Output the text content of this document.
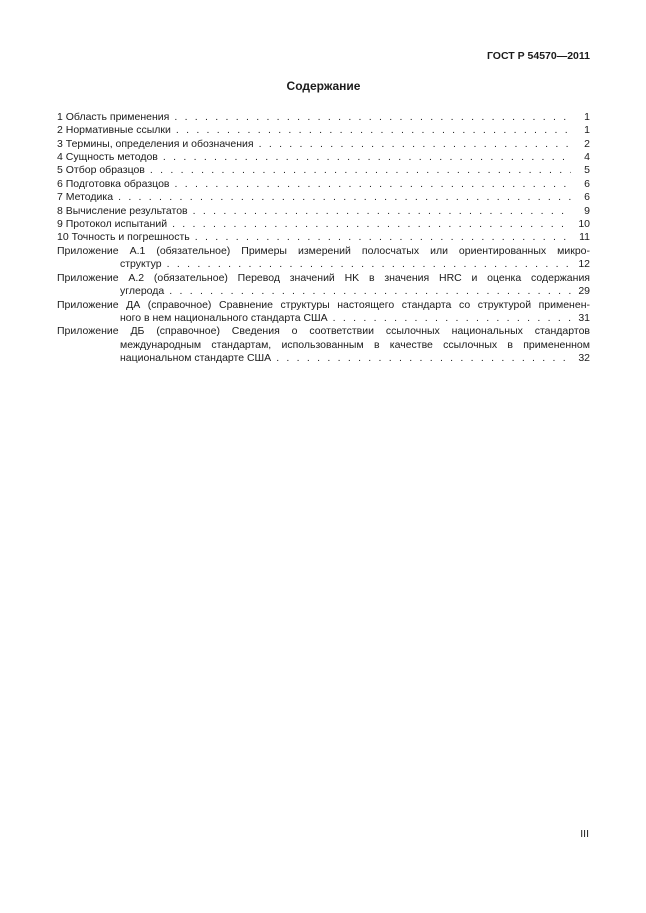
ГОСТ Р 54570—2011
Содержание
1 Область применения . . .	1
2 Нормативные ссылки . . .	1
3 Термины, определения и обозначения . . .	2
4 Сущность методов . . .	4
5 Отбор образцов . . .	5
6 Подготовка образцов . . .	6
7 Методика . . .	6
8 Вычисление результатов . . .	9
9 Протокол испытаний . . .	10
10 Точность и погрешность . . .	11
Приложение А.1 (обязательное) Примеры измерений полосчатых или ориентированных микро-
структур . . .	12
Приложение А.2 (обязательное) Перевод значений HK в значения HRC и оценка содержания
углерода . . .	29
Приложение ДА (справочное) Сравнение структуры настоящего стандарта со структурой применен-
ного в нем национального стандарта США . . .	31
Приложение ДБ (справочное) Сведения о соответствии ссылочных национальных стандартов
международным стандартам, использованным в качестве ссылочных в примененном
национальном стандарте США . . .	32
III
